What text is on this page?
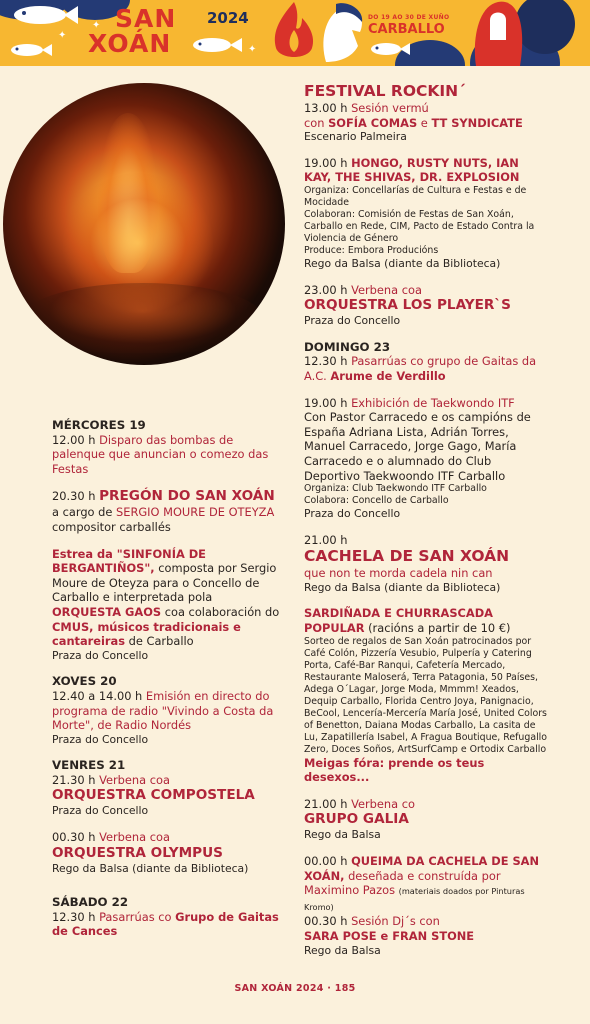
✦
✦
✦
SAN
XOÁN
2024	DO 19 AO 30 DE XUÑO
CARBALLO
MÉRCORES 19
12.00 h Disparo das bombas de palenque que anuncian o comezo das Festas
20.30 h PREGÓN DO SAN XOÁN
a cargo de SERGIO MOURE DE OTEYZA
compositor carballés
Estrea da "SINFONÍA DE BERGANTIÑOS", composta por Sergio Moure de Oteyza para o Concello de Carballo e interpretada pola ORQUESTA GAOS coa colaboración do CMUS, músicos tradicionais e cantareiras de Carballo
Praza do Concello
XOVES 20
12.40 a 14.00 h Emisión en directo do programa de radio "Vivindo a Costa da Morte", de Radio Nordés
Praza do Concello
VENRES 21
21.30 h Verbena coa
ORQUESTRA COMPOSTELA
Praza do Concello
00.30 h Verbena coa
ORQUESTRA OLYMPUS
Rego da Balsa (diante da Biblioteca)
SÁBADO 22
12.30 h Pasarrúas co Grupo de Gaitas de Cances
FESTIVAL ROCKIN´
13.00 h Sesión vermú
con SOFÍA COMAS e TT SYNDICATE
Escenario Palmeira
19.00 h HONGO, RUSTY NUTS, IAN KAY, THE SHIVAS, DR. EXPLOSION
Organiza: Concellarías de Cultura e Festas e de Mocidade
Colaboran: Comisión de Festas de San Xoán, Carballo en Rede, CIM, Pacto de Estado Contra la Violencia de Género
Produce: Embora Producións
Rego da Balsa (diante da Biblioteca)
23.00 h Verbena coa
ORQUESTRA LOS PLAYER`S
Praza do Concello
DOMINGO 23
12.30 h Pasarrúas co grupo de Gaitas da A.C. Arume de Verdillo
19.00 h Exhibición de Taekwondo ITF
Con Pastor Carracedo e os campións de España Adriana Lista, Adrián Torres, Manuel Carracedo, Jorge Gago, María Carracedo e o alumnado do Club Deportivo Taekwoondo ITF Carballo
Organiza: Club Taekwondo ITF Carballo
Colabora: Concello de Carballo
Praza do Concello
21.00 h
CACHELA DE SAN XOÁN
que non te morda cadela nin can
Rego da Balsa (diante da Biblioteca)
SARDIÑADA E CHURRASCADA POPULAR (racións a partir de 10 €)
Sorteo de regalos de San Xoán patrocinados por Café Colón, Pizzería Vesubio, Pulpería y Catering Porta, Café-Bar Ranqui, Cafetería Mercado, Restaurante Maloserá, Terra Patagonia, 50 Países, Adega O´Lagar, Jorge Moda, Mmmm! Xeados, Dequip Carballo, Florida Centro Joya, Panignacio, BeCool, Lencería-Mercería María José, United Colors of Benetton, Daiana Modas Carballo, La casita de Lu, Zapatillería Isabel, A Fragua Boutique, Refugallo Zero, Doces Soños, ArtSurfCamp e Ortodix Carballo
Meigas fóra: prende os teus desexos...
21.00 h Verbena co
GRUPO GALIA
Rego da Balsa
00.00 h QUEIMA DA CACHELA DE SAN XOÁN, deseñada e construída por Maximino Pazos (materiais doados por Pinturas Kromo)
00.30 h Sesión Dj´s con
SARA POSE e FRAN STONE
Rego da Balsa
SAN XOÁN 2024 · 185
